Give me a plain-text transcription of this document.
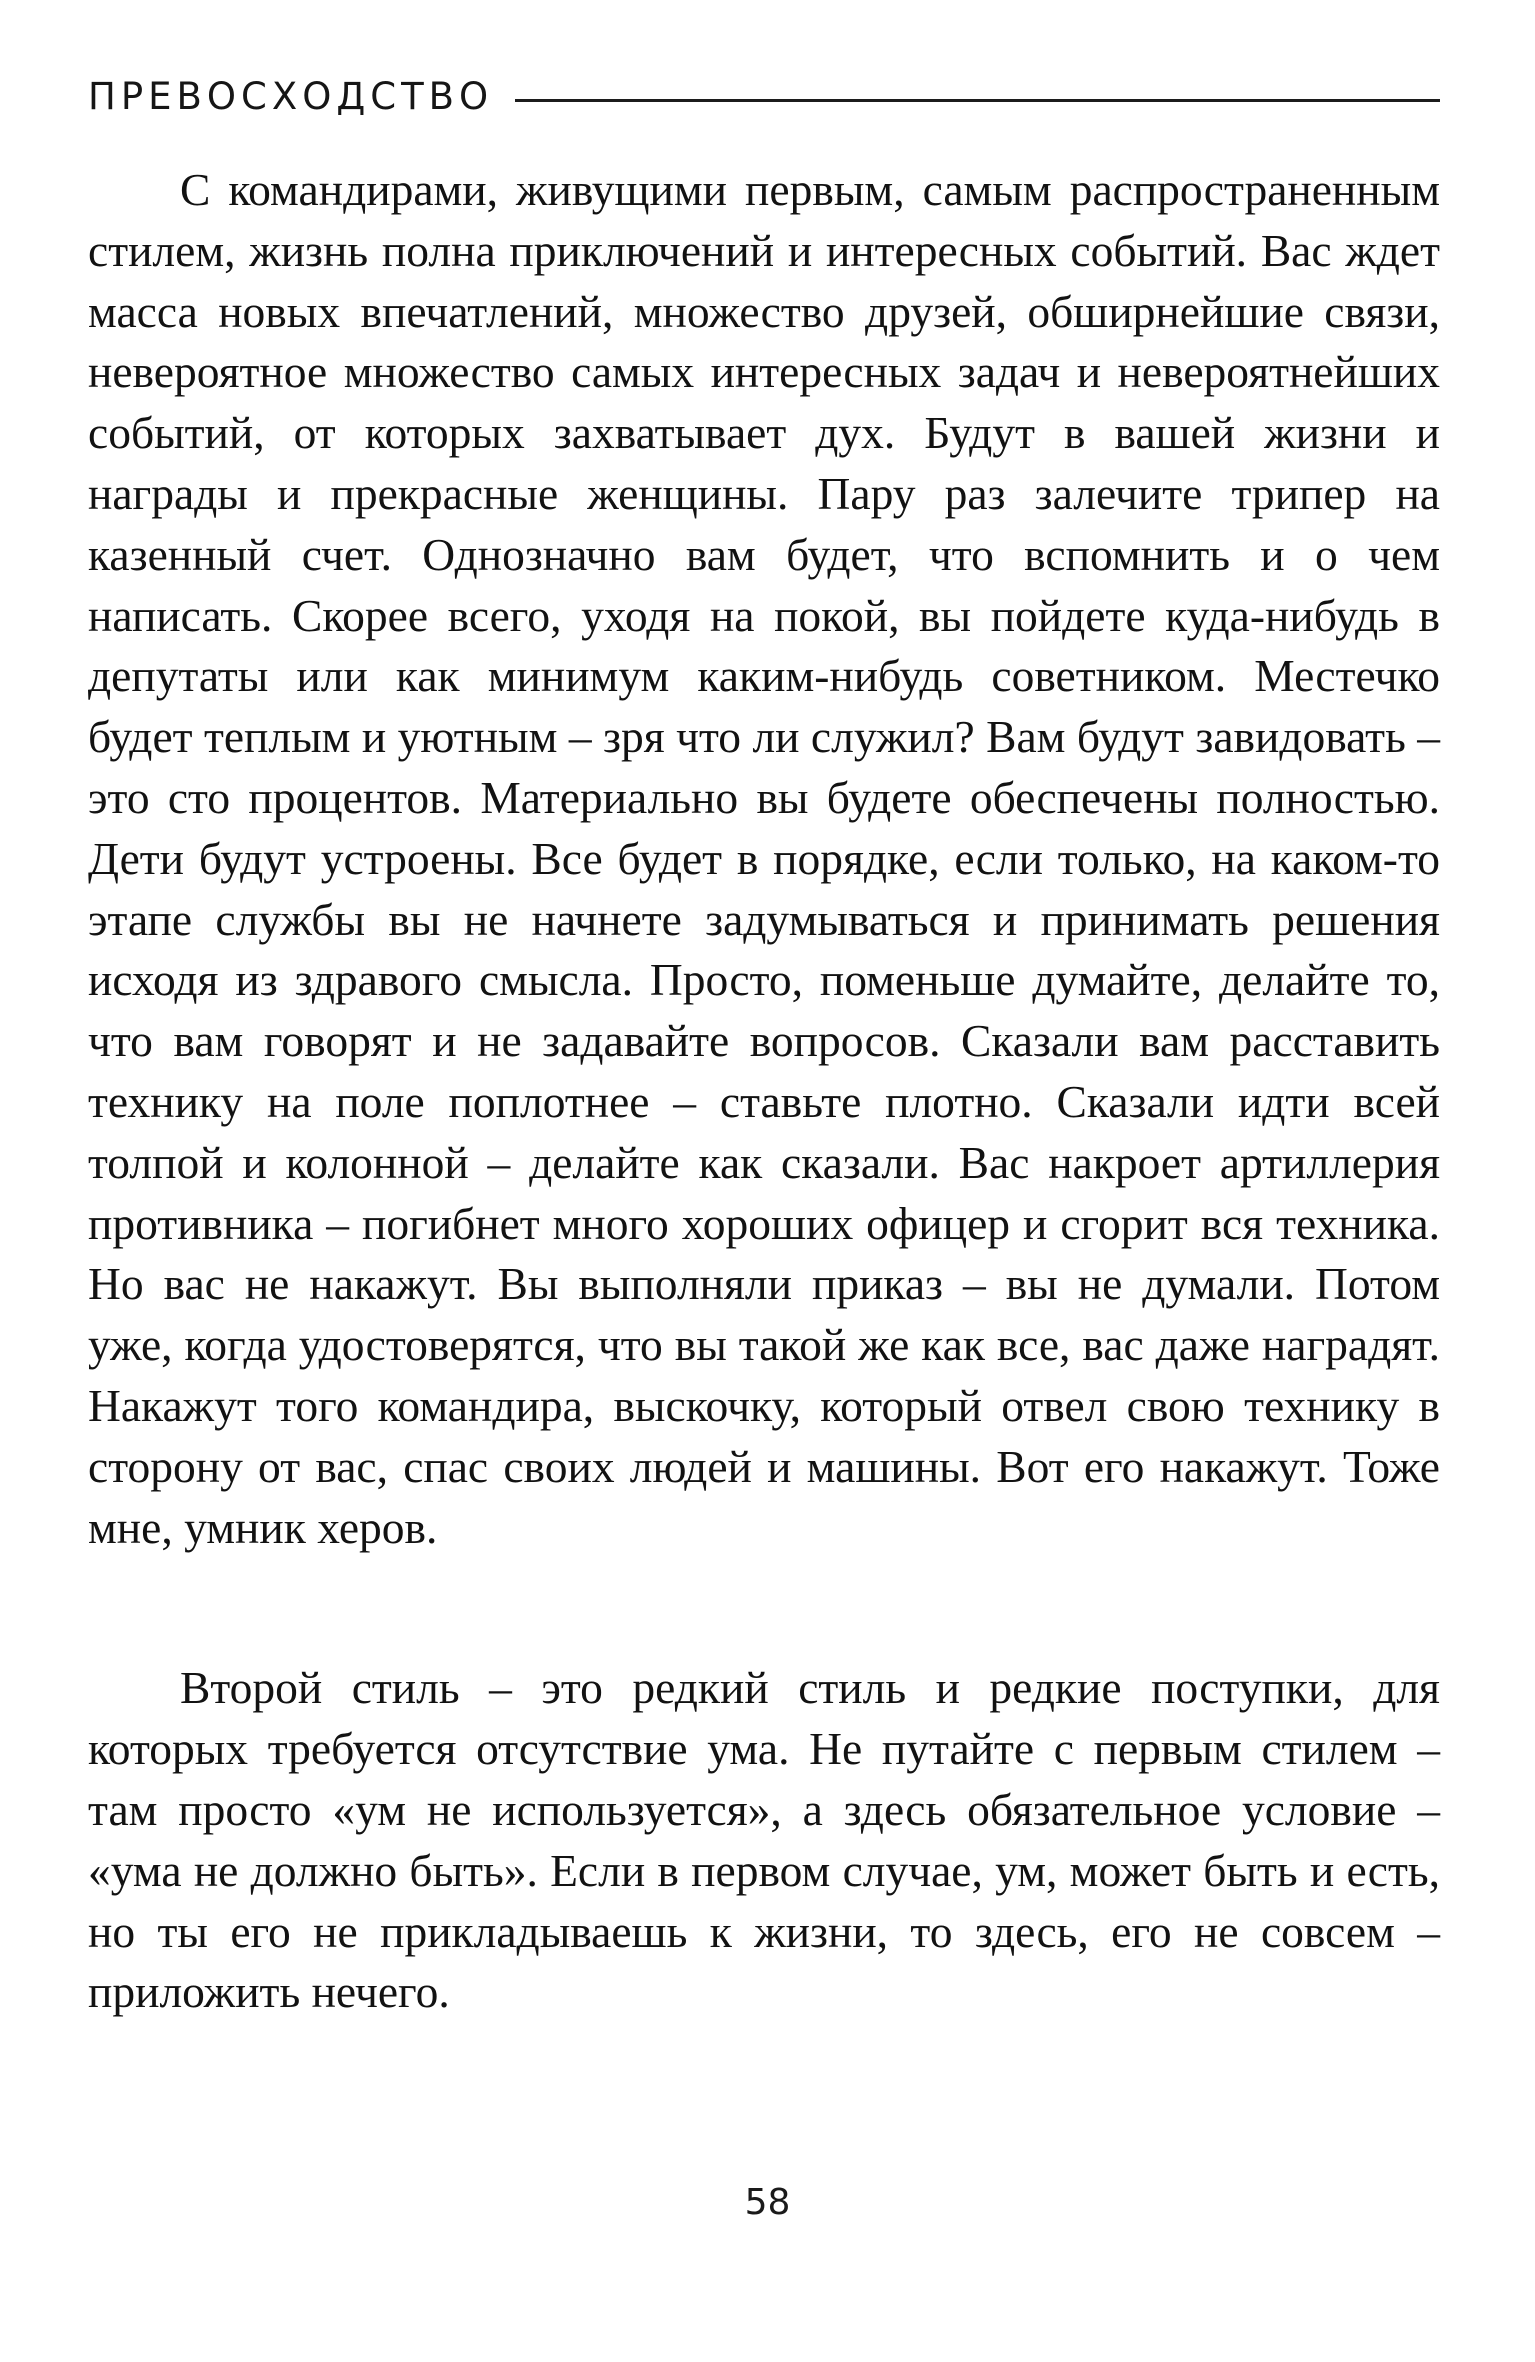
ПРЕВОСХОДСТВО

С командирами, живущими первым, самым распространенным стилем, жизнь полна приключений и интересных событий. Вас ждет масса новых впечатлений, множество друзей, обширнейшие связи, невероятное множество самых интересных задач и невероятнейших событий, от которых захватывает дух. Будут в вашей жизни и награды и прекрасные женщины. Пару раз залечите трипер на казенный счет. Однозначно вам будет, что вспомнить и о чем написать. Скорее всего, уходя на покой, вы пойдете куда-нибудь в депутаты или как минимум каким-нибудь советником. Местечко будет теплым и уютным – зря что ли служил? Вам будут завидовать – это сто процентов. Материально вы будете обеспечены полностью. Дети будут устроены. Все будет в порядке, если только, на каком-то этапе службы вы не начнете задумываться и принимать решения исходя из здравого смысла. Просто, поменьше думайте, делайте то, что вам говорят и не задавайте вопросов. Сказали вам расставить технику на поле поплотнее – ставьте плотно. Сказали идти всей толпой и колонной – делайте как сказали. Вас накроет артиллерия противника – погибнет много хороших офицер и сгорит вся техника. Но вас не накажут. Вы выполняли приказ – вы не думали. Потом уже, когда удостоверятся, что вы такой же как все, вас даже наградят. Накажут того командира, выскочку, который отвел свою технику в сторону от вас, спас своих людей и машины. Вот его накажут. Тоже мне, умник херов.

Второй стиль – это редкий стиль и редкие поступки, для которых требуется отсутствие ума. Не путайте с первым стилем – там просто «ум не используется», а здесь обязательное условие – «ума не должно быть». Если в первом случае, ум, может быть и есть, но ты его не прикладываешь к жизни, то здесь, его не совсем – приложить нечего.

58
